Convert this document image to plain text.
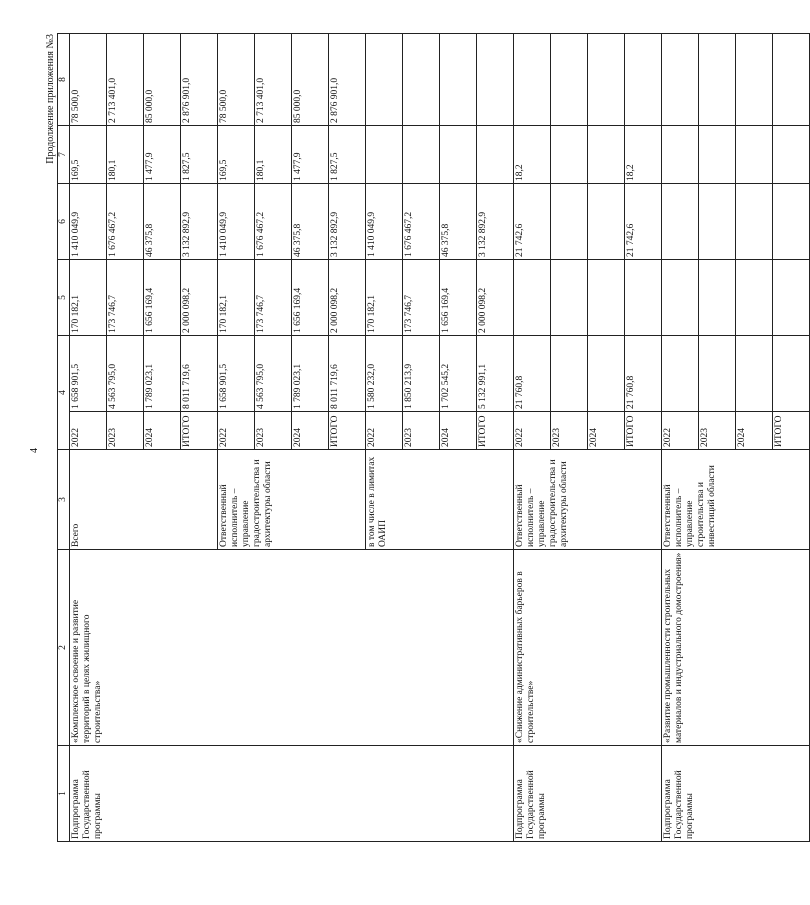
4
Продолжение приложения №3
1	2	3	4		5	6	7	8
Подпрограмма Государственной программы	«Комплексное освоение и развитие территорий в целях жилищного строительства»	Всего	2022	1 658 901,5	170 182,1	1 410 049,9	169,5	78 500,0
			2023	4 563 795,0	173 746,7	1 676 467,2	180,1	2 713 401,0
			2024	1 789 023,1	1 656 169,4	46 375,8	1 477,9	85 000,0
			ИТОГО	8 011 719,6	2 000 098,2	3 132 892,9	1 827,5	2 876 901,0
		Ответственный исполнитель – управление градостроительства и архитектуры области	2022	1 658 901,5	170 182,1	1 410 049,9	169,5	78 500,0
			2023	4 563 795,0	173 746,7	1 676 467,2	180,1	2 713 401,0
			2024	1 789 023,1	1 656 169,4	46 375,8	1 477,9	85 000,0
			ИТОГО	8 011 719,6	2 000 098,2	3 132 892,9	1 827,5	2 876 901,0
		в том числе в лимитах ОАИП	2022	1 580 232,0	170 182,1	1 410 049,9		
			2023	1 850 213,9	173 746,7	1 676 467,2		
			2024	1 702 545,2	1 656 169,4	46 375,8		
			ИТОГО	5 132 991,1	2 000 098,2	3 132 892,9		
Подпрограмма Государственной программы	«Снижение административных барьеров в строительстве»	Ответственный исполнитель – управление градостроительства и архитектуры области	2022	21 760,8		21 742,6	18,2	
			2023					
			2024					
			ИТОГО	21 760,8		21 742,6	18,2	
Подпрограмма Государственной программы	«Развитие промышленности строительных материалов и индустриального домостроения»	Ответственный исполнитель – управление строительства и инвестиций области	2022					
			2023					
			2024					
			ИТОГО					
